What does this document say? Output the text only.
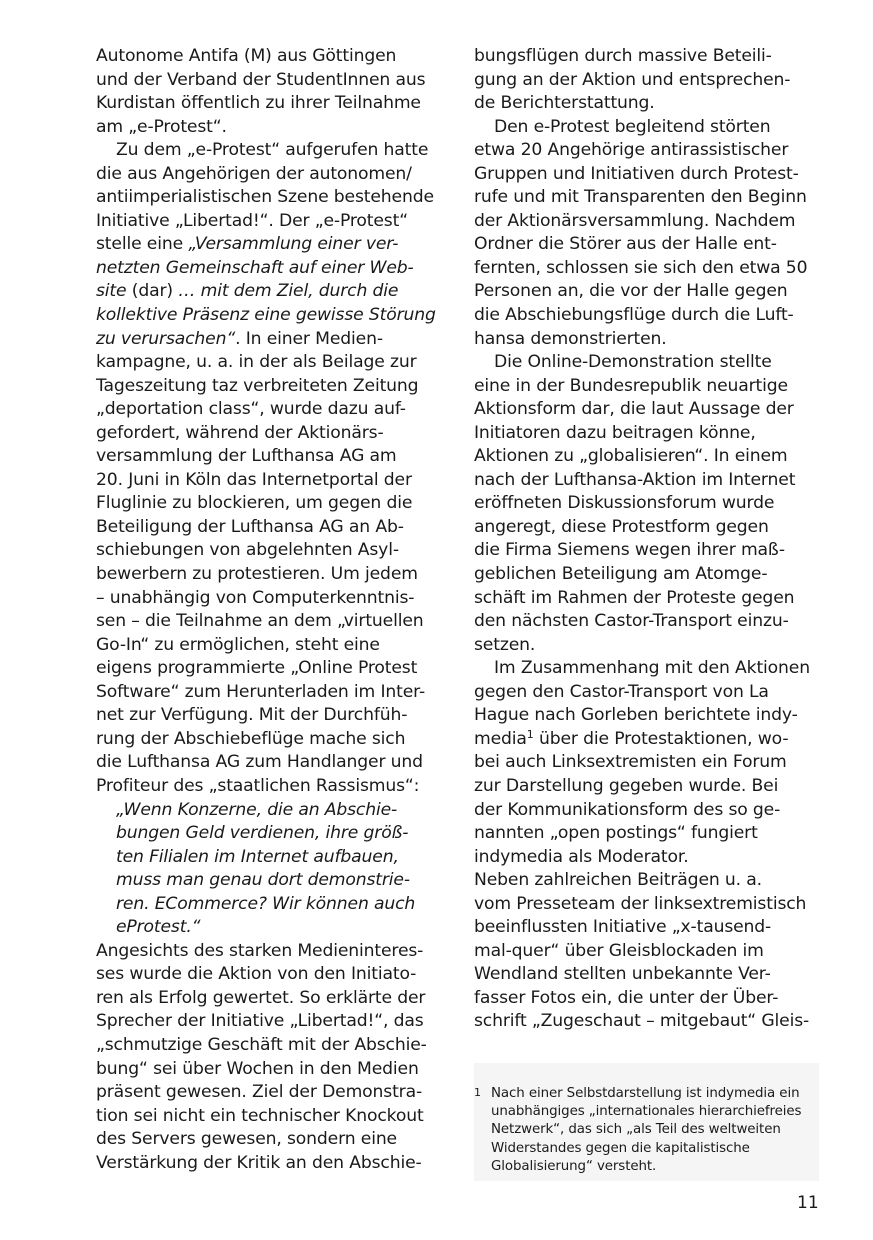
Autonome Antifa (M) aus Göttingen
und der Verband der StudentInnen aus
Kurdistan öffentlich zu ihrer Teilnahme
am „e-Protest“.
Zu dem „e-Protest“ aufgerufen hatte
die aus Angehörigen der autonomen/
antiimperialistischen Szene bestehende
Initiative „Libertad!“. Der „e-Protest“
stelle eine „Versammlung einer ver-
netzten Gemeinschaft auf einer Web-
site (dar) … mit dem Ziel, durch die
kollektive Präsenz eine gewisse Störung
zu verursachen“. In einer Medien-
kampagne, u. a. in der als Beilage zur
Tageszeitung taz verbreiteten Zeitung
„deportation class“, wurde dazu auf-
gefordert, während der Aktionärs-
versammlung der Lufthansa AG am
20. Juni in Köln das Internetportal der
Fluglinie zu blockieren, um gegen die
Beteiligung der Lufthansa AG an Ab-
schiebungen von abgelehnten Asyl-
bewerbern zu protestieren. Um jedem
– unabhängig von Computerkenntnis-
sen – die Teilnahme an dem „virtuellen
Go-In“ zu ermöglichen, steht eine
eigens programmierte „Online Protest
Software“ zum Herunterladen im Inter-
net zur Verfügung. Mit der Durchfüh-
rung der Abschiebeflüge mache sich
die Lufthansa AG zum Handlanger und
Profiteur des „staatlichen Rassismus“:
„Wenn Konzerne, die an Abschie-
bungen Geld verdienen, ihre größ-
ten Filialen im Internet aufbauen,
muss man genau dort demonstrie-
ren. ECommerce? Wir können auch
eProtest.“
Angesichts des starken Medieninteres-
ses wurde die Aktion von den Initiato-
ren als Erfolg gewertet. So erklärte der
Sprecher der Initiative „Libertad!“, das
„schmutzige Geschäft mit der Abschie-
bung“ sei über Wochen in den Medien
präsent gewesen. Ziel der Demonstra-
tion sei nicht ein technischer Knockout
des Servers gewesen, sondern eine
Verstärkung der Kritik an den Abschie-
bungsflügen durch massive Beteili-
gung an der Aktion und entsprechen-
de Berichterstattung.
Den e-Protest begleitend störten
etwa 20 Angehörige antirassistischer
Gruppen und Initiativen durch Protest-
rufe und mit Transparenten den Beginn
der Aktionärsversammlung. Nachdem
Ordner die Störer aus der Halle ent-
fernten, schlossen sie sich den etwa 50
Personen an, die vor der Halle gegen
die Abschiebungsflüge durch die Luft-
hansa demonstrierten.
Die Online-Demonstration stellte
eine in der Bundesrepublik neuartige
Aktionsform dar, die laut Aussage der
Initiatoren dazu beitragen könne,
Aktionen zu „globalisieren“. In einem
nach der Lufthansa-Aktion im Internet
eröffneten Diskussionsforum wurde
angeregt, diese Protestform gegen
die Firma Siemens wegen ihrer maß-
geblichen Beteiligung am Atomge-
schäft im Rahmen der Proteste gegen
den nächsten Castor-Transport einzu-
setzen.
Im Zusammenhang mit den Aktionen
gegen den Castor-Transport von La
Hague nach Gorleben berichtete indy-
media$^1$ über die Protestaktionen, wo-
bei auch Linksextremisten ein Forum
zur Darstellung gegeben wurde. Bei
der Kommunikationsform des so ge-
nannten „open postings“ fungiert
indymedia als Moderator.
Neben zahlreichen Beiträgen u. a.
vom Presseteam der linksextremistisch
beeinflussten Initiative „x-tausend-
mal-quer“ über Gleisblockaden im
Wendland stellten unbekannte Ver-
fasser Fotos ein, die unter der Über-
schrift „Zugeschaut – mitgebaut“ Gleis-
1 Nach einer Selbstdarstellung ist indymedia ein
unabhängiges „internationales hierarchiefreies
Netzwerk“, das sich „als Teil des weltweiten
Widerstandes gegen die kapitalistische
Globalisierung“ versteht.
11
